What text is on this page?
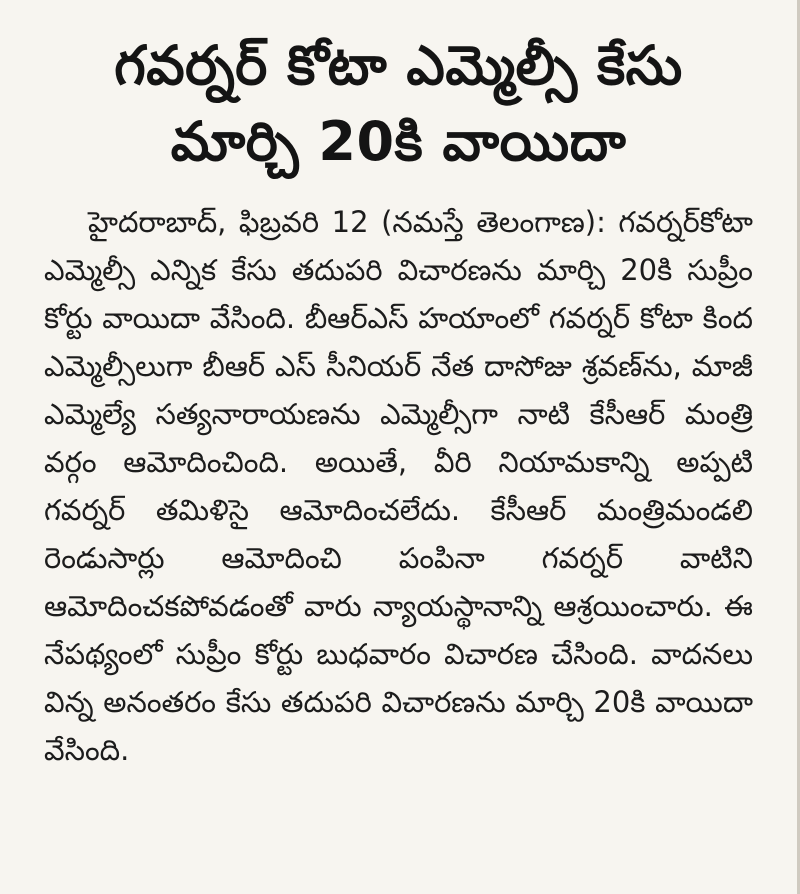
గవర్నర్ కోటా ఎమ్మెల్సీ కేసు
మార్చి 20కి వాయిదా

హైదరాబాద్, ఫిబ్రవరి 12 (నమస్తే తెలంగాణ): గవర్నర్‌కోటా ఎమ్మెల్సీ ఎన్నిక కేసు తదుపరి విచారణను మార్చి 20కి సుప్రీం కోర్టు వాయిదా వేసింది. బీఆర్‌ఎస్ హయాంలో గవర్నర్ కోటా కింద ఎమ్మెల్సీలుగా బీఆర్ ఎస్ సీనియర్ నేత దాసోజు శ్రవణ్‌ను, మాజీ ఎమ్మెల్యే సత్యనారాయణను ఎమ్మెల్సీగా నాటి కేసీఆర్ మంత్రి వర్గం ఆమోదించింది. అయితే, వీరి నియామకాన్ని అప్పటి గవర్నర్ తమిళిసై ఆమోదించలేదు. కేసీఆర్ మంత్రిమండలి రెండుసార్లు ఆమోదించి పంపినా గవర్నర్ వాటిని ఆమోదించకపోవడంతో వారు న్యాయస్థానాన్ని ఆశ్రయించారు. ఈ నేపథ్యంలో సుప్రీం కోర్టు బుధవారం విచారణ చేసింది. వాదనలు విన్న అనంతరం కేసు తదుపరి విచారణను మార్చి 20కి వాయిదా వేసింది.
